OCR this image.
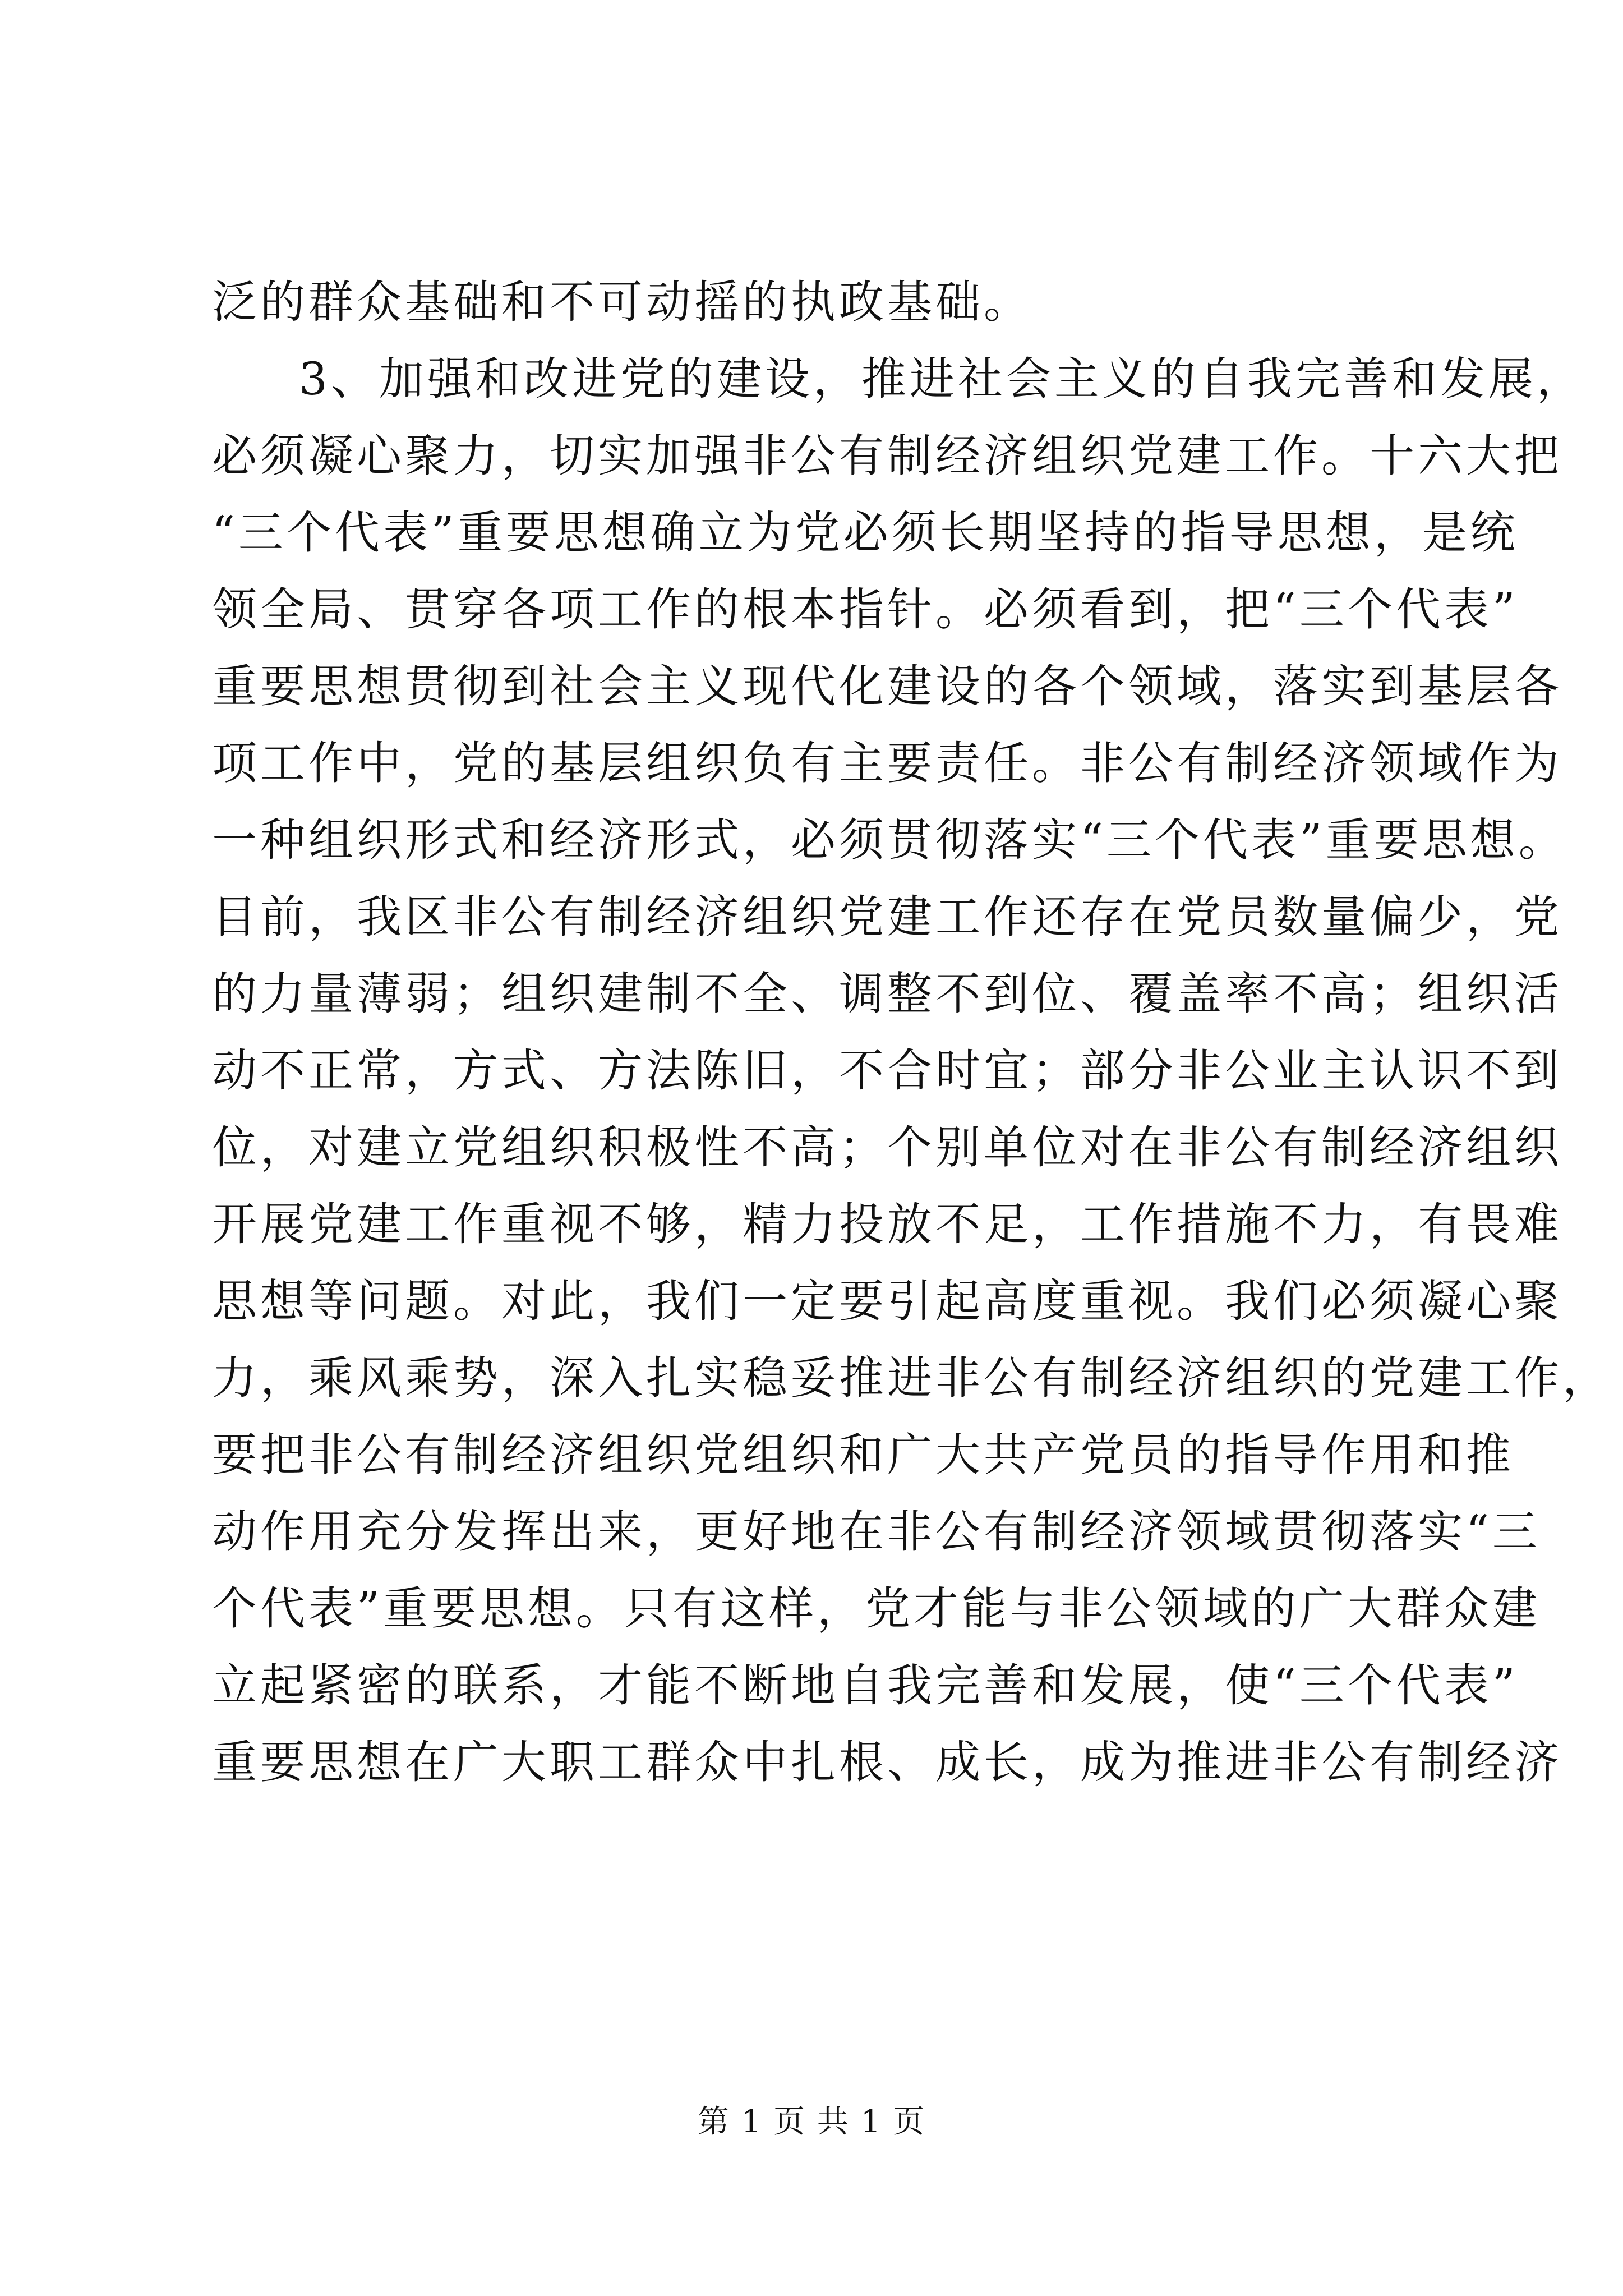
泛的群众基础和不可动摇的执政基础。
3、加强和改进党的建设，推进社会主义的自我完善和发展，
必须凝心聚力，切实加强非公有制经济组织党建工作。十六大把
“三个代表”重要思想确立为党必须长期坚持的指导思想，是统
领全局、贯穿各项工作的根本指针。必须看到，把“三个代表”
重要思想贯彻到社会主义现代化建设的各个领域，落实到基层各
项工作中，党的基层组织负有主要责任。非公有制经济领域作为
一种组织形式和经济形式，必须贯彻落实“三个代表”重要思想。
目前，我区非公有制经济组织党建工作还存在党员数量偏少，党
的力量薄弱；组织建制不全、调整不到位、覆盖率不高；组织活
动不正常，方式、方法陈旧，不合时宜；部分非公业主认识不到
位，对建立党组织积极性不高；个别单位对在非公有制经济组织
开展党建工作重视不够，精力投放不足，工作措施不力，有畏难
思想等问题。对此，我们一定要引起高度重视。我们必须凝心聚
力，乘风乘势，深入扎实稳妥推进非公有制经济组织的党建工作，
要把非公有制经济组织党组织和广大共产党员的指导作用和推
动作用充分发挥出来，更好地在非公有制经济领域贯彻落实“三
个代表”重要思想。只有这样，党才能与非公领域的广大群众建
立起紧密的联系，才能不断地自我完善和发展，使“三个代表”
重要思想在广大职工群众中扎根、成长，成为推进非公有制经济
第 1 页 共 1 页
